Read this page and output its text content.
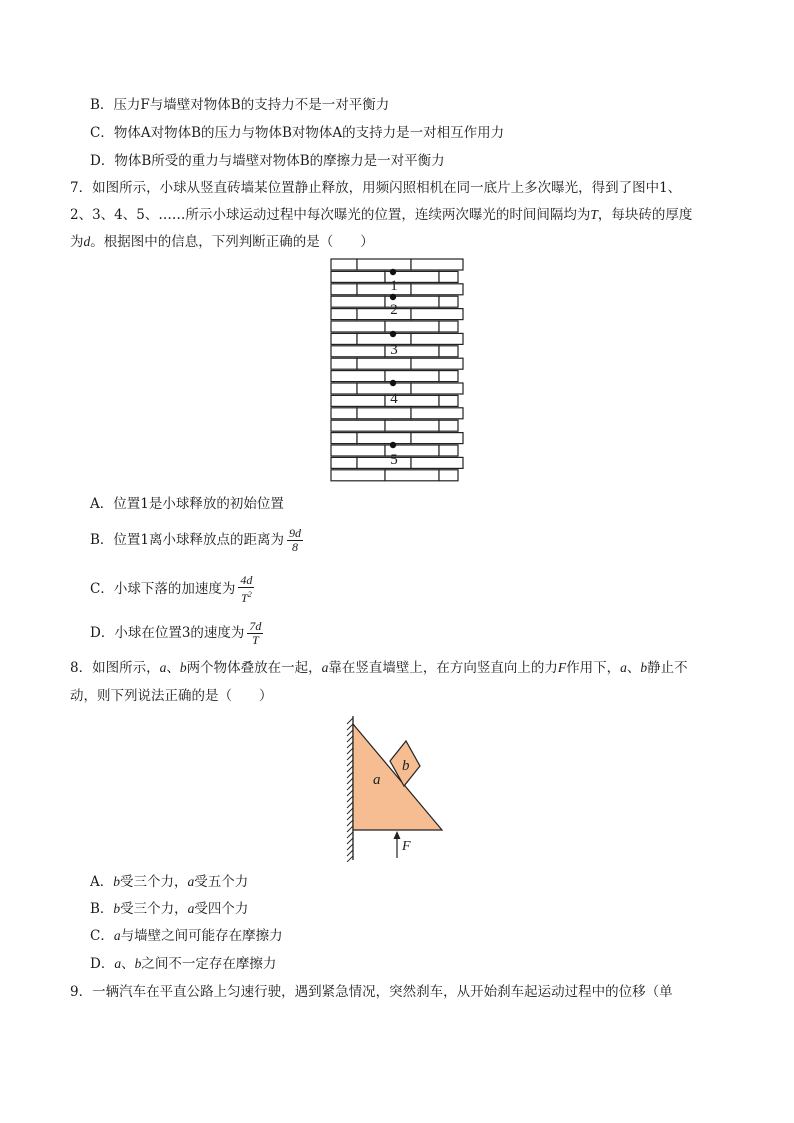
B．压力F与墙壁对物体B的支持力不是一对平衡力
C．物体A对物体B的压力与物体B对物体A的支持力是一对相互作用力
D．物体B所受的重力与墙壁对物体B的摩擦力是一对平衡力
7．如图所示，小球从竖直砖墙某位置静止释放，用频闪照相机在同一底片上多次曝光，得到了图中1、
2、3、4、5、……所示小球运动过程中每次曝光的位置，连续两次曝光的时间间隔均为T，每块砖的厚度
为d。根据图中的信息，下列判断正确的是（　　）
1
2
3
4
5
A．位置1是小球释放的初始位置
B．位置1离小球释放点的距离为 $\frac{9d}{8}$
C．小球下落的加速度为 $\frac{4d}{T^2}$
D．小球在位置3的速度为 $\frac{7d}{T}$
8．如图所示，a、b两个物体叠放在一起，a靠在竖直墙壁上，在方向竖直向上的力F作用下，a、b静止不
动，则下列说法正确的是（　　）
a
b
F
A．b受三个力，a受五个力
B．b受三个力，a受四个力
C．a与墙壁之间可能存在摩擦力
D．a、b之间不一定存在摩擦力
9．一辆汽车在平直公路上匀速行驶，遇到紧急情况，突然刹车，从开始刹车起运动过程中的位移（单
